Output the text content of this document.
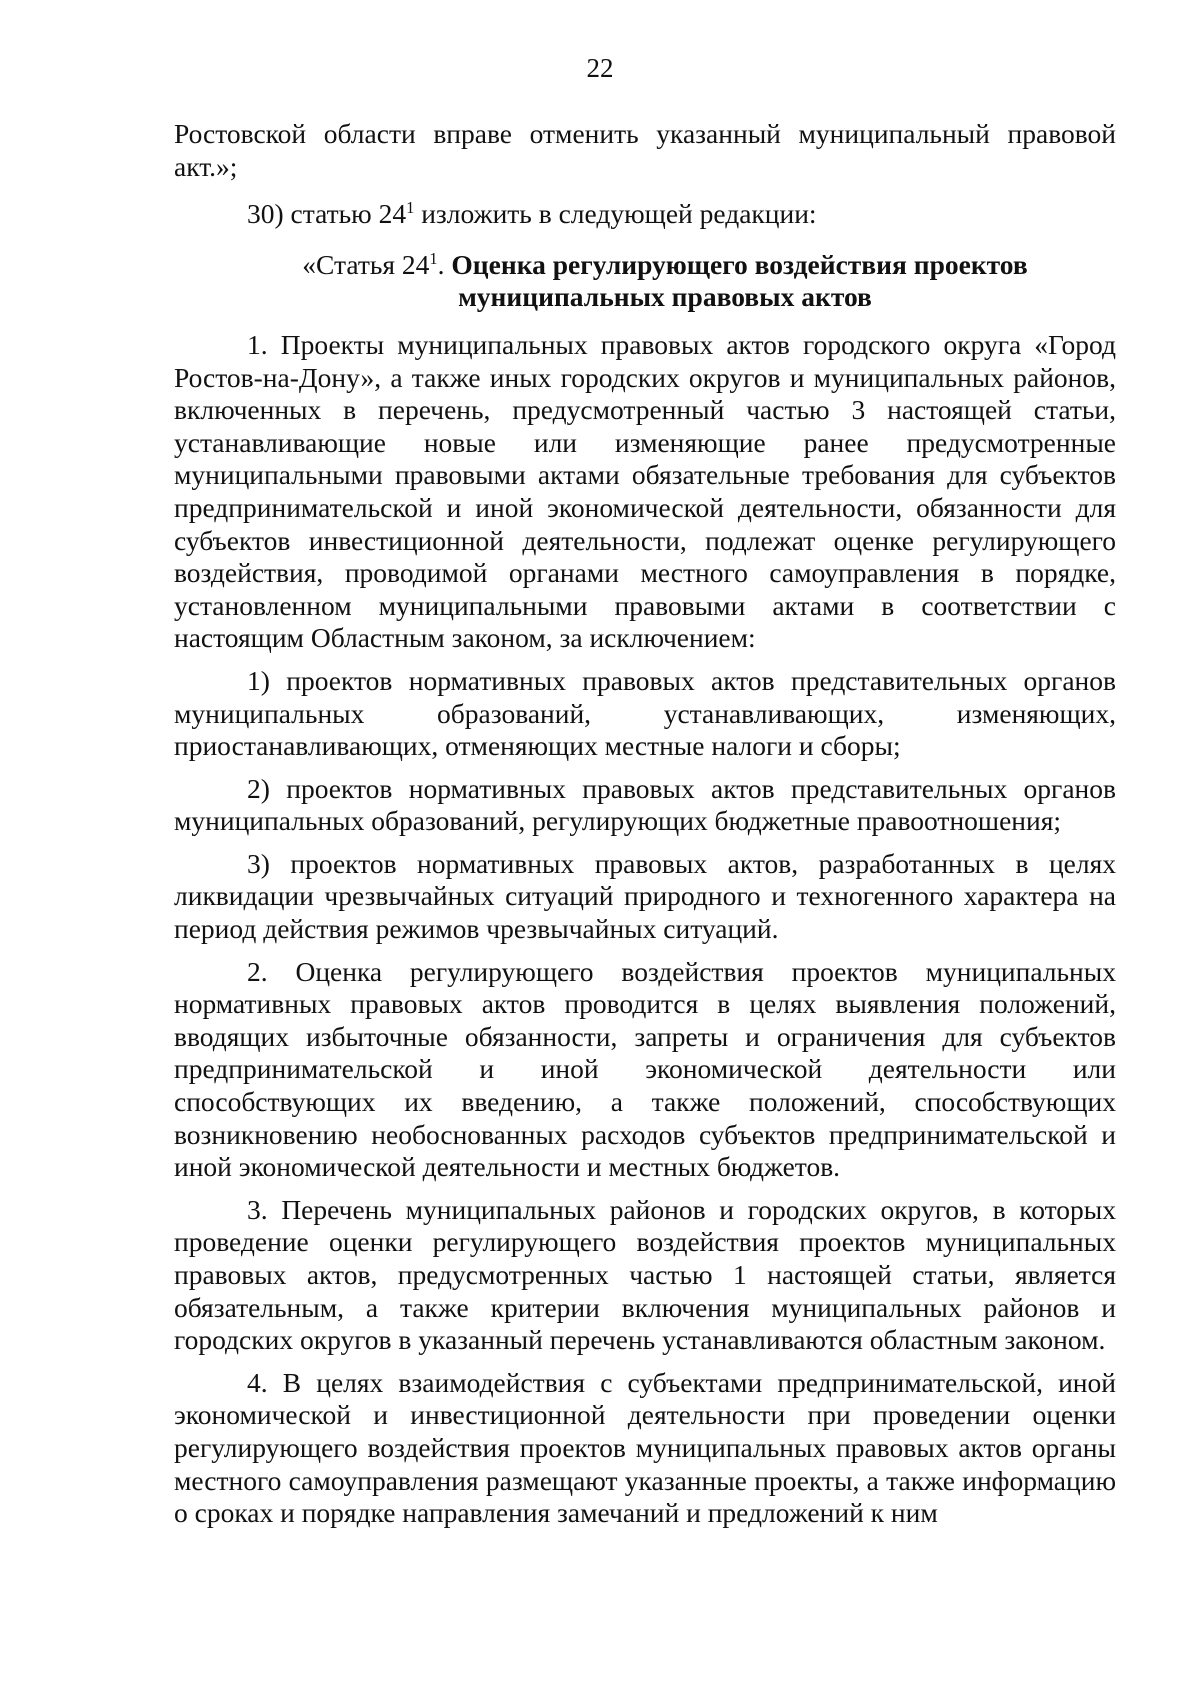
22

Ростовской области вправе отменить указанный муниципальный правовой акт.»;

30) статью $24^1$ изложить в следующей редакции:

«Статья $24^1$. Оценка регулирующего воздействия проектов
муниципальных правовых актов

1. Проекты муниципальных правовых актов городского округа «Город Ростов-на-Дону», а также иных городских округов и муниципальных районов, включенных в перечень, предусмотренный частью 3 настоящей статьи, устанавливающие новые или изменяющие ранее предусмотренные муниципальными правовыми актами обязательные требования для субъектов предпринимательской и иной экономической деятельности, обязанности для субъектов инвестиционной деятельности, подлежат оценке регулирующего воздействия, проводимой органами местного самоуправления в порядке, установленном муниципальными правовыми актами в соответствии с настоящим Областным законом, за исключением:

1) проектов нормативных правовых актов представительных органов муниципальных образований, устанавливающих, изменяющих, приостанавливающих, отменяющих местные налоги и сборы;

2) проектов нормативных правовых актов представительных органов муниципальных образований, регулирующих бюджетные правоотношения;

3) проектов нормативных правовых актов, разработанных в целях ликвидации чрезвычайных ситуаций природного и техногенного характера на период действия режимов чрезвычайных ситуаций.

2. Оценка регулирующего воздействия проектов муниципальных нормативных правовых актов проводится в целях выявления положений, вводящих избыточные обязанности, запреты и ограничения для субъектов предпринимательской и иной экономической деятельности или способствующих их введению, а также положений, способствующих возникновению необоснованных расходов субъектов предпринимательской и иной экономической деятельности и местных бюджетов.

3. Перечень муниципальных районов и городских округов, в которых проведение оценки регулирующего воздействия проектов муниципальных правовых актов, предусмотренных частью 1 настоящей статьи, является обязательным, а также критерии включения муниципальных районов и городских округов в указанный перечень устанавливаются областным законом.

4. В целях взаимодействия с субъектами предпринимательской, иной экономической и инвестиционной деятельности при проведении оценки регулирующего воздействия проектов муниципальных правовых актов органы местного самоуправления размещают указанные проекты, а также информацию о сроках и порядке направления замечаний и предложений к ним
